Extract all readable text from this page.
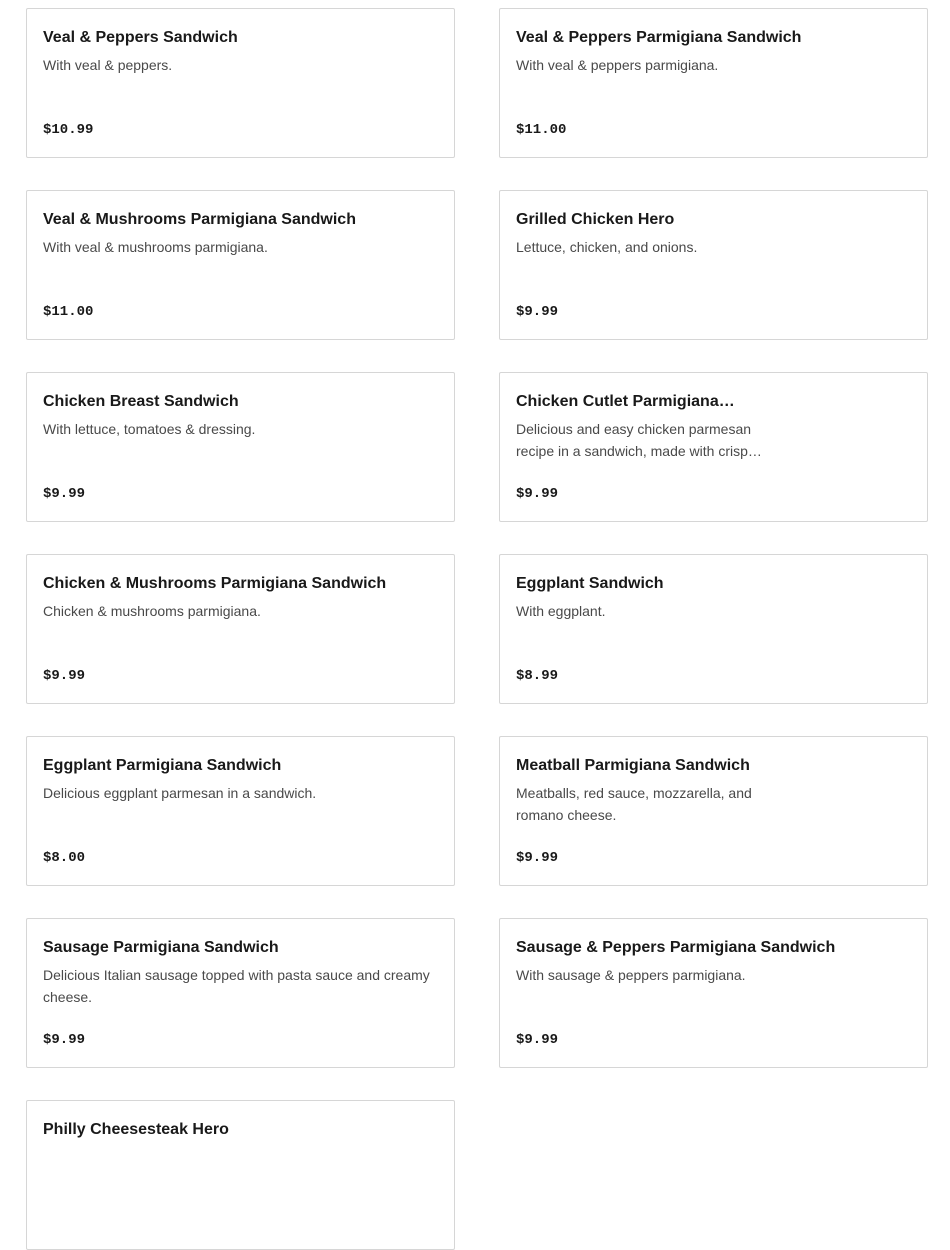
Veal & Peppers Sandwich
With veal & peppers.
$10.99
Veal & Peppers Parmigiana Sandwich
With veal & peppers parmigiana.
$11.00
Veal & Mushrooms Parmigiana Sandwich
With veal & mushrooms parmigiana.
$11.00
Grilled Chicken Hero
Lettuce, chicken, and onions.
$9.99
Chicken Breast Sandwich
With lettuce, tomatoes & dressing.
$9.99
Chicken Cutlet Parmigiana…
Delicious and easy chicken parmesan recipe in a sandwich, made with crisp…
$9.99
Chicken & Mushrooms Parmigiana Sandwich
Chicken & mushrooms parmigiana.
$9.99
Eggplant Sandwich
With eggplant.
$8.99
Eggplant Parmigiana Sandwich
Delicious eggplant parmesan in a sandwich.
$8.00
Meatball Parmigiana Sandwich
Meatballs, red sauce, mozzarella, and romano cheese.
$9.99
Sausage Parmigiana Sandwich
Delicious Italian sausage topped with pasta sauce and creamy cheese.
$9.99
Sausage & Peppers Parmigiana Sandwich
With sausage & peppers parmigiana.
$9.99
Philly Cheesesteak Hero
